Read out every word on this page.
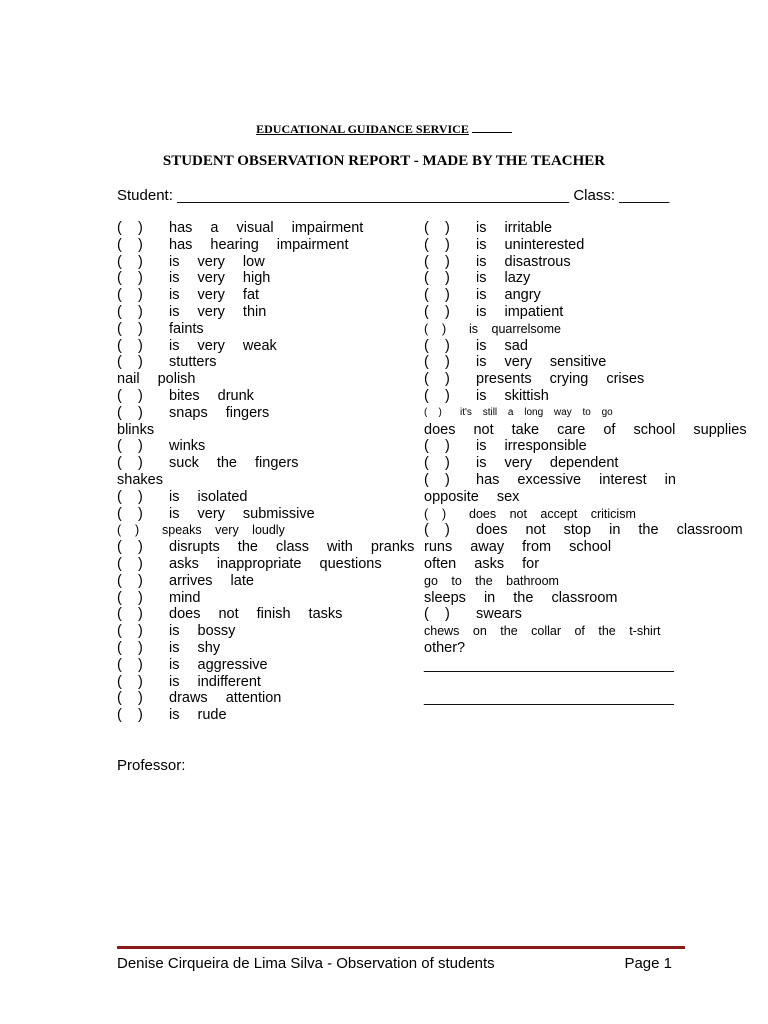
EDUCATIONAL GUIDANCE SERVICE
STUDENT OBSERVATION REPORT - MADE BY THE TEACHER
Student: _______________________________________________ Class: ______
(    ) has a visual impairment
(    ) has hearing impairment
(    ) is very low
(    ) is very high
(    ) is very fat
(    ) is very thin
(    ) faints
(    ) is very weak
(    ) stutters
nail polish
(    ) bites drunk
(    ) snaps fingers
blinks
(    ) winks
(    ) suck the fingers
shakes
(    ) is isolated
(    ) is very submissive
(    ) speaks very loudly
(    ) disrupts the class with pranks
(    ) asks inappropriate questions
(    ) arrives late
(    ) mind
(    ) does not finish tasks
(    ) is bossy
(    ) is shy
(    ) is aggressive
(    ) is indifferent
(    ) draws attention
(    ) is rude
(    ) is irritable
(    ) is uninterested
(    ) is disastrous
(    ) is lazy
(    ) is angry
(    ) is impatient
(    ) is quarrelsome
(    ) is sad
(    ) is very sensitive
(    ) presents crying crises
(    ) is skittish
(    ) it's still a long way to go
does not take care of school supplies
(    ) is irresponsible
(    ) is very dependent
(    ) has excessive interest in
opposite sex
(    ) does not accept criticism
(    ) does not stop in the classroom
runs away from school
often asks for
go to the bathroom
sleeps in the classroom
(    ) swears
chews on the collar of the t-shirt
other?
_______________________________
_______________________________
Professor:
Denise Cirqueira de Lima Silva - Observation of students	Page 1
